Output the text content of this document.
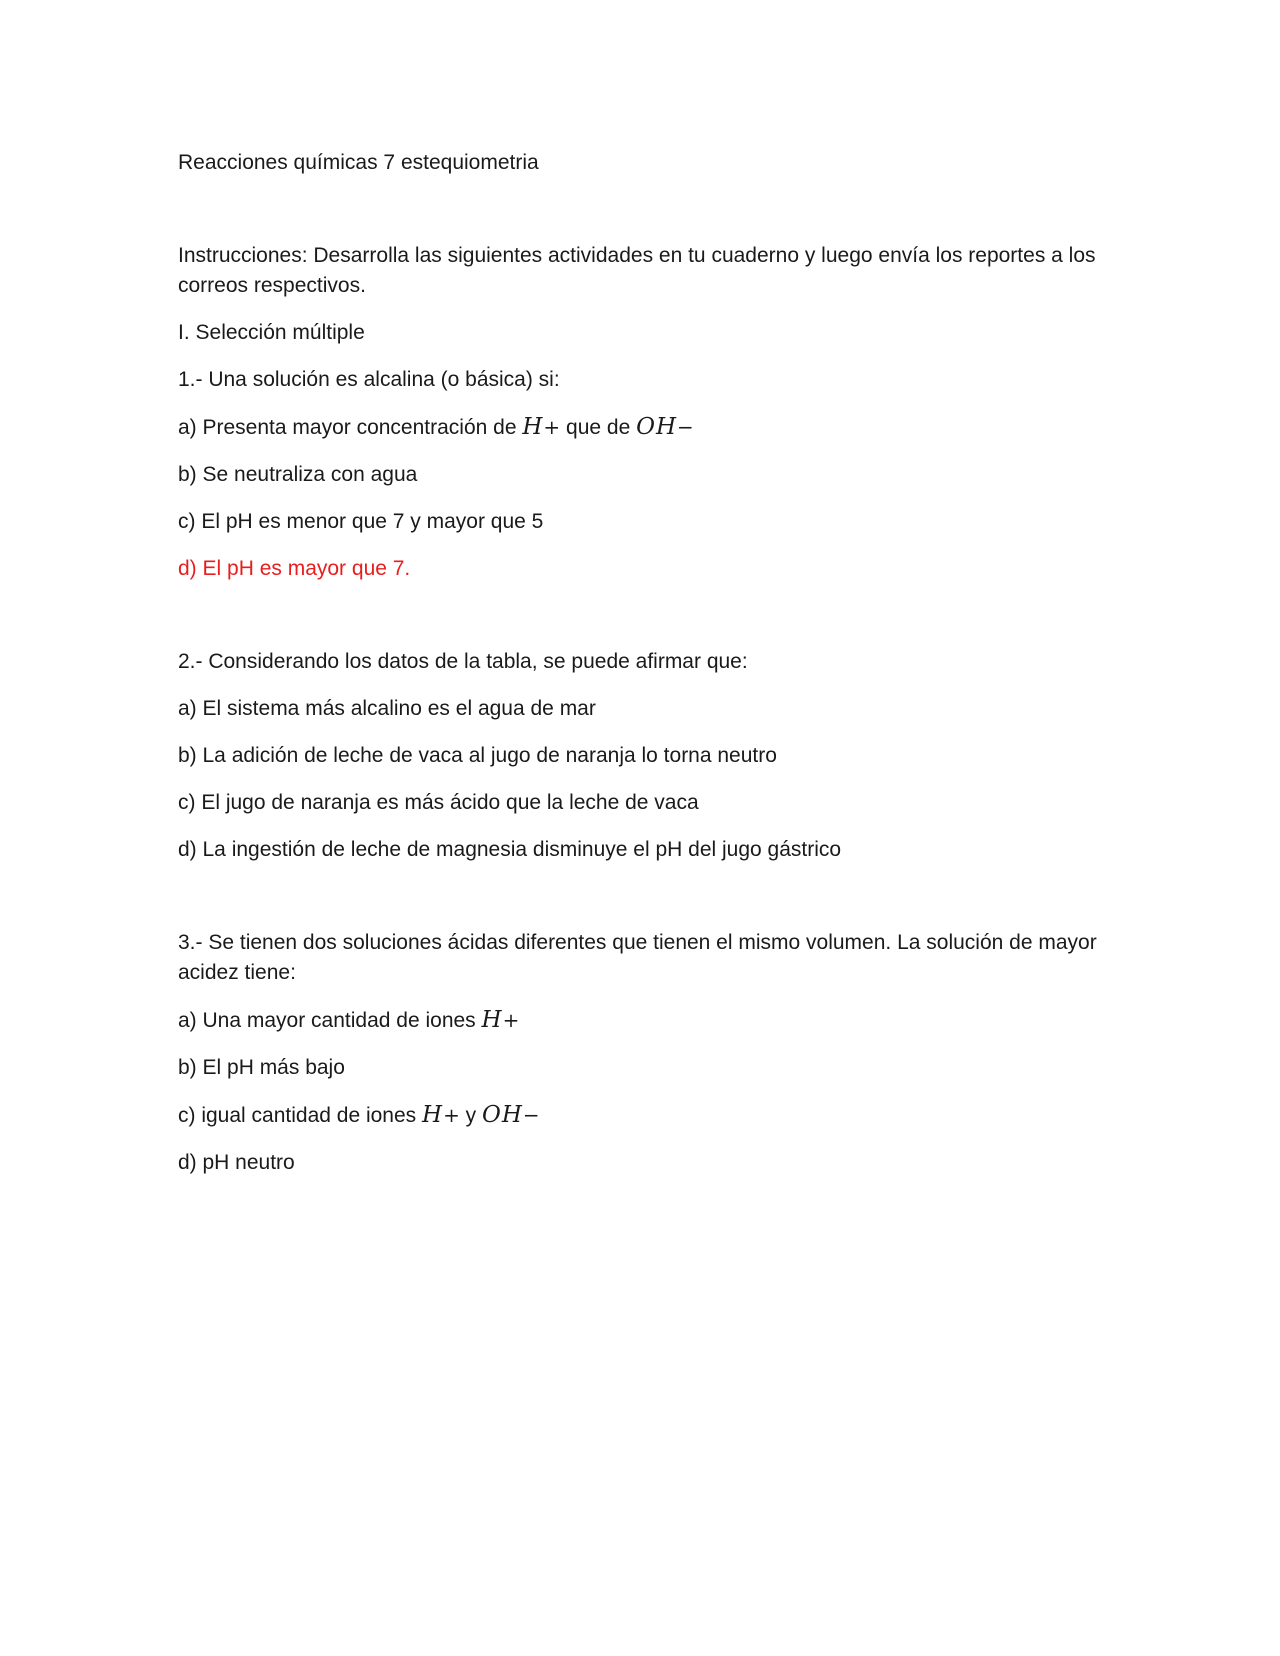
Reacciones químicas 7 estequiometria

Instrucciones: Desarrolla las siguientes actividades en tu cuaderno y luego envía los reportes a los correos respectivos.

I. Selección múltiple

1.- Una solución es alcalina (o básica) si:

a) Presenta mayor concentración de H+ que de OH−

b) Se neutraliza con agua

c) El pH es menor que 7 y mayor que 5

d) El pH es mayor que 7.

2.- Considerando los datos de la tabla, se puede afirmar que:

a) El sistema más alcalino es el agua de mar

b) La adición de leche de vaca al jugo de naranja lo torna neutro

c) El jugo de naranja es más ácido que la leche de vaca

d) La ingestión de leche de magnesia disminuye el pH del jugo gástrico

3.- Se tienen dos soluciones ácidas diferentes que tienen el mismo volumen. La solución de mayor acidez tiene:

a) Una mayor cantidad de iones H+

b) El pH más bajo

c) igual cantidad de iones H+ y OH−

d) pH neutro
